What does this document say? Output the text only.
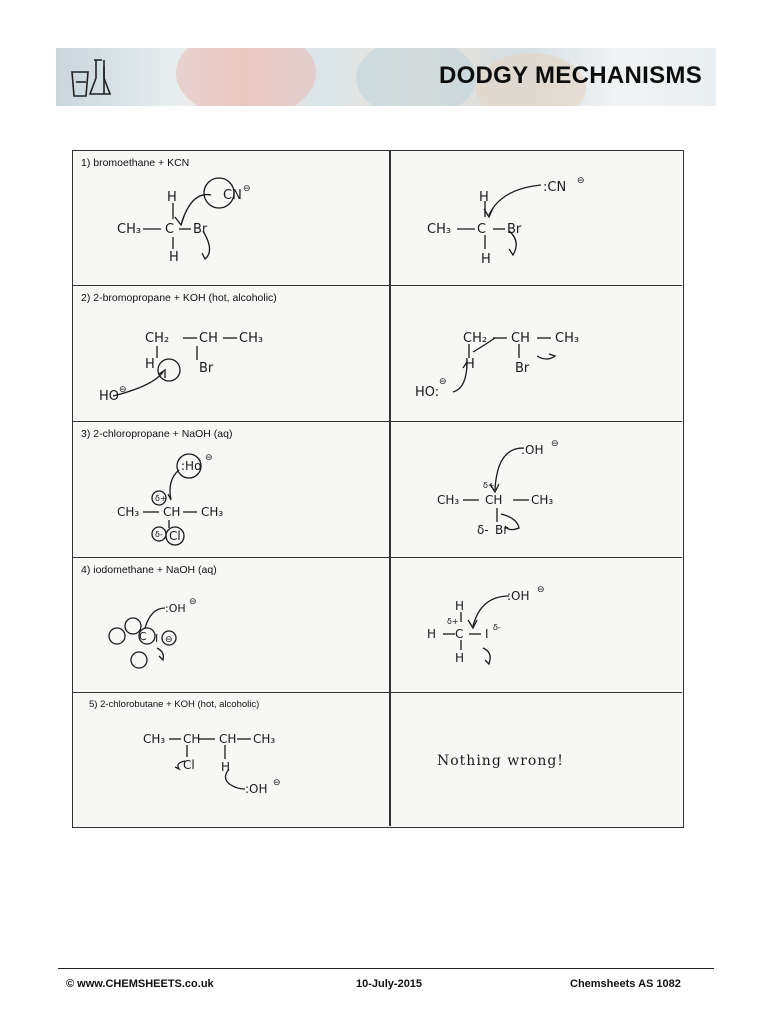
DODGY MECHANISMS
1) bromoethane + KCN
H
CH₃ C Br
H
CN ⊖
H
CH₃ C Br
H
:CN ⊖
2) 2-bromopropane + KOH (hot, alcoholic)
CH₂ CH CH₃
H	Br
HO ⊖
CH₂ CH CH₃
H	Br
HO:
⊖
3) 2-chloropropane + NaOH (aq)
:Ho
⊖
δ+
CH₃ CH CH₃
δ- Cl
:OH ⊖
δ+
CH₃ CH CH₃
δ- Br
4) iodomethane + NaOH (aq)
:OH ⊖
C I ⊖
H
:OH ⊖
δ+
H C I δ-
H
5) 2-chlorobutane + KOH (hot, alcoholic)
CH₃ CH CH CH₃
Cl H
:OH ⊖
Nothing wrong!
© www.CHEMSHEETS.co.uk	10-July-2015	Chemsheets AS 1082
